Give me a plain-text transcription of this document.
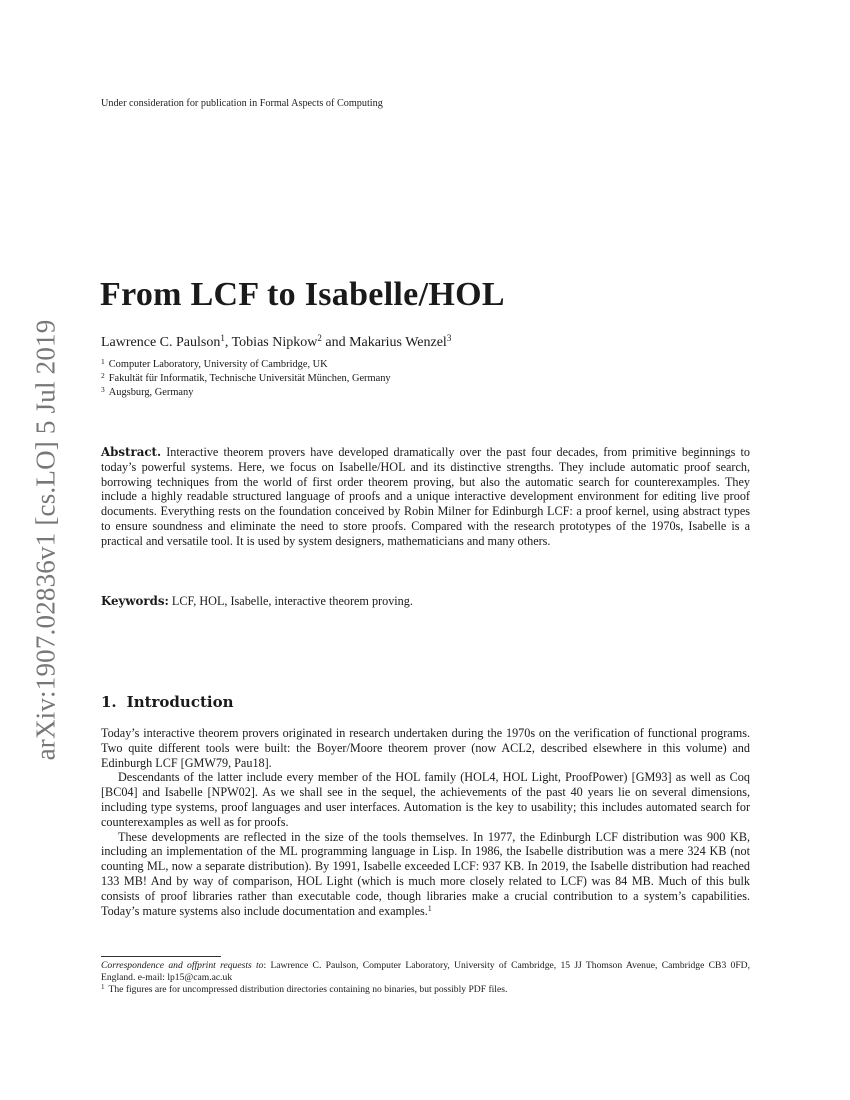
arXiv:1907.02836v1 [cs.LO] 5 Jul 2019
Under consideration for publication in Formal Aspects of Computing
From LCF to Isabelle/HOL
Lawrence C. Paulson$^1$, Tobias Nipkow$^2$ and Makarius Wenzel$^3$
$^1$ Computer Laboratory, University of Cambridge, UK
$^2$ Fakultät für Informatik, Technische Universität München, Germany
$^3$ Augsburg, Germany

Abstract. Interactive theorem provers have developed dramatically over the past four decades, from primitive beginnings to today’s powerful systems. Here, we focus on Isabelle/HOL and its distinctive strengths. They include automatic proof search, borrowing techniques from the world of first order theorem proving, but also the automatic search for counterexamples. They include a highly readable structured language of proofs and a unique interactive development environment for editing live proof documents. Everything rests on the foundation conceived by Robin Milner for Edinburgh LCF: a proof kernel, using abstract types to ensure soundness and eliminate the need to store proofs. Compared with the research prototypes of the 1970s, Isabelle is a practical and versatile tool. It is used by system designers, mathematicians and many others.

Keywords: LCF, HOL, Isabelle, interactive theorem proving.

1. Introduction

Today’s interactive theorem provers originated in research undertaken during the 1970s on the verification of functional programs. Two quite different tools were built: the Boyer/Moore theorem prover (now ACL2, described elsewhere in this volume) and Edinburgh LCF [GMW79, Pau18].

Descendants of the latter include every member of the HOL family (HOL4, HOL Light, ProofPower) [GM93] as well as Coq [BC04] and Isabelle [NPW02]. As we shall see in the sequel, the achievements of the past 40 years lie on several dimensions, including type systems, proof languages and user interfaces. Automation is the key to usability; this includes automated search for counterexamples as well as for proofs.

These developments are reflected in the size of the tools themselves. In 1977, the Edinburgh LCF distribution was 900 KB, including an implementation of the ML programming language in Lisp. In 1986, the Isabelle distribution was a mere 324 KB (not counting ML, now a separate distribution). By 1991, Isabelle exceeded LCF: 937 KB. In 2019, the Isabelle distribution had reached 133 MB! And by way of comparison, HOL Light (which is much more closely related to LCF) was 84 MB. Much of this bulk consists of proof libraries rather than executable code, though libraries make a crucial contribution to a system’s capabilities. Today’s mature systems also include documentation and examples.$^1$

Correspondence and offprint requests to: Lawrence C. Paulson, Computer Laboratory, University of Cambridge, 15 JJ Thomson Avenue, Cambridge CB3 0FD, England. e-mail: lp15@cam.ac.uk

$^1$ The figures are for uncompressed distribution directories containing no binaries, but possibly PDF files.
